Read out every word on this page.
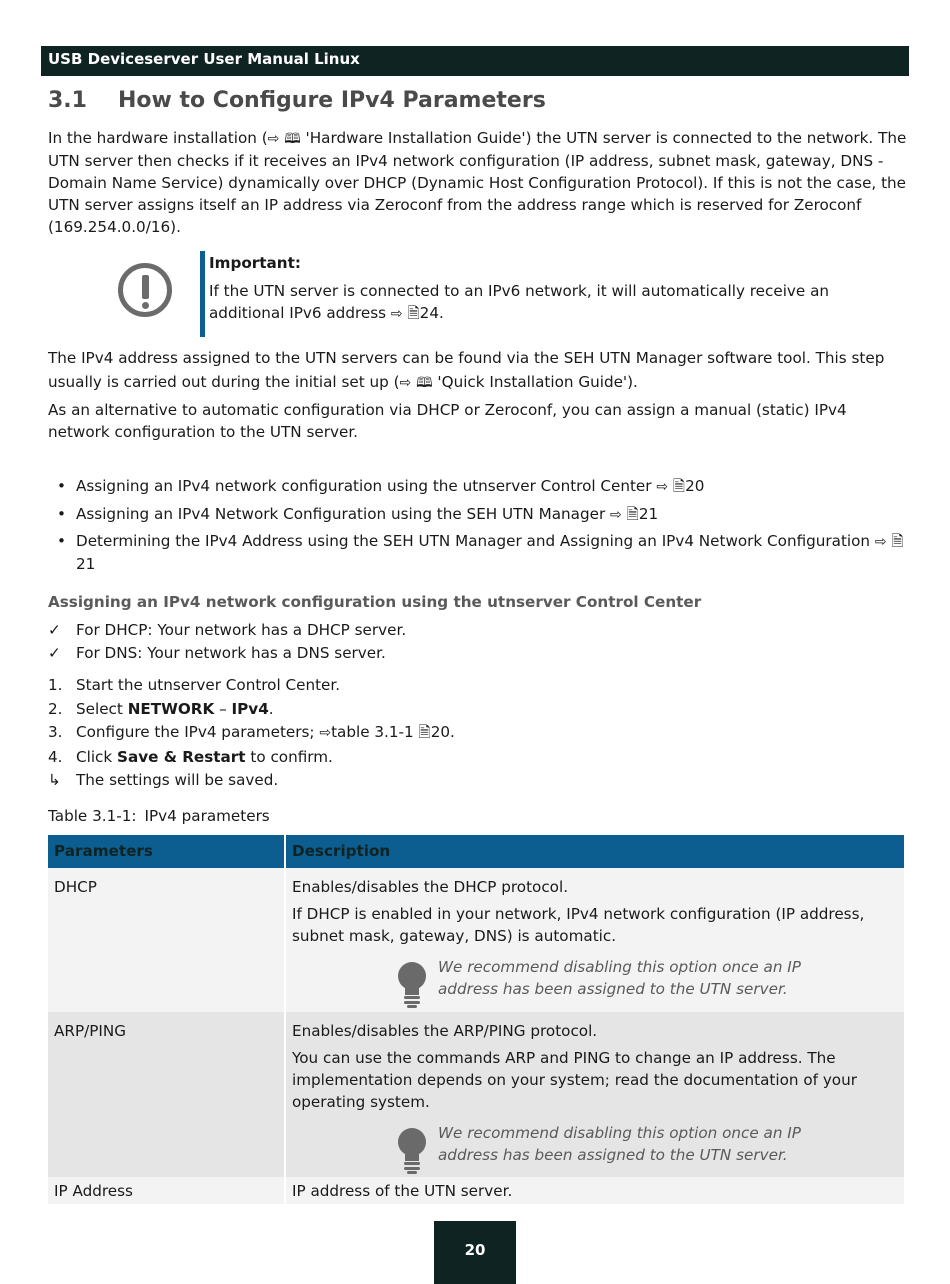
USB Deviceserver User Manual Linux
3.1 How to Configure IPv4 Parameters
In the hardware installation (⇨ 🕮 'Hardware Installation Guide') the UTN server is connected to the network. The UTN server then checks if it receives an IPv4 network configuration (IP address, subnet mask, gateway, DNS - Domain Name Service) dynamically over DHCP (Dynamic Host Configuration Protocol). If this is not the case, the UTN server assigns itself an IP address via Zeroconf from the address range which is reserved for Zeroconf (169.254.0.0/16).
Important:
If the UTN server is connected to an IPv6 network, it will automatically receive an additional IPv6 address ⇨ 🗎24.
The IPv4 address assigned to the UTN servers can be found via the SEH UTN Manager software tool. This step usually is carried out during the initial set up (⇨ 🕮 'Quick Installation Guide').
As an alternative to automatic configuration via DHCP or Zeroconf, you can assign a manual (static) IPv4 network configuration to the UTN server.
• Assigning an IPv4 network configuration using the utnserver Control Center ⇨ 🗎20
• Assigning an IPv4 Network Configuration using the SEH UTN Manager ⇨ 🗎21
• Determining the IPv4 Address using the SEH UTN Manager and Assigning an IPv4 Network Configuration ⇨ 🗎21
Assigning an IPv4 network configuration using the utnserver Control Center
✓ For DHCP: Your network has a DHCP server.
✓ For DNS: Your network has a DNS server.
1. Start the utnserver Control Center.
2. Select NETWORK – IPv4.
3. Configure the IPv4 parameters; ⇨table 3.1-1 🗎20.
4. Click Save & Restart to confirm.
↳ The settings will be saved.
Table 3.1-1: IPv4 parameters
Parameters	Description
DHCP	Enables/disables the DHCP protocol.

If DHCP is enabled in your network, IPv4 network configuration (IP address, subnet mask, gateway, DNS) is automatic.

We recommend disabling this option once an IP address has been assigned to the UTN server.
ARP/PING	Enables/disables the ARP/PING protocol.

You can use the commands ARP and PING to change an IP address. The implementation depends on your system; read the documentation of your operating system.

We recommend disabling this option once an IP address has been assigned to the UTN server.
IP Address	IP address of the UTN server.

20
